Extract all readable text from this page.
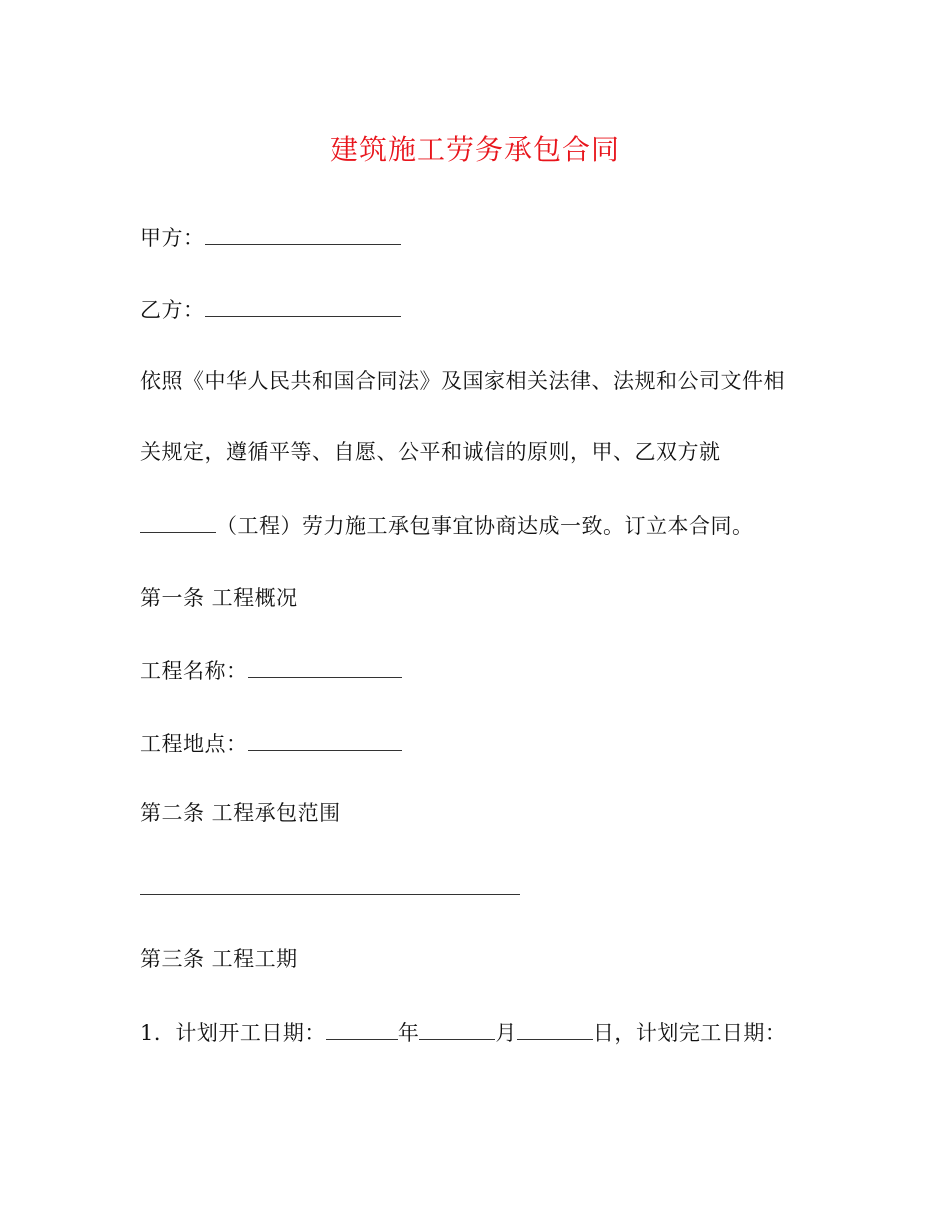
建筑施工劳务承包合同
甲方：
乙方：
依照《中华人民共和国合同法》及国家相关法律、法规和公司文件相
关规定，遵循平等、自愿、公平和诚信的原则，甲、乙双方就
（工程）劳力施工承包事宜协商达成一致。订立本合同。
第一条 工程概况
工程名称：
工程地点：
第二条 工程承包范围
第三条 工程工期
1．计划开工日期：	年	月	日，计划完工日期：
